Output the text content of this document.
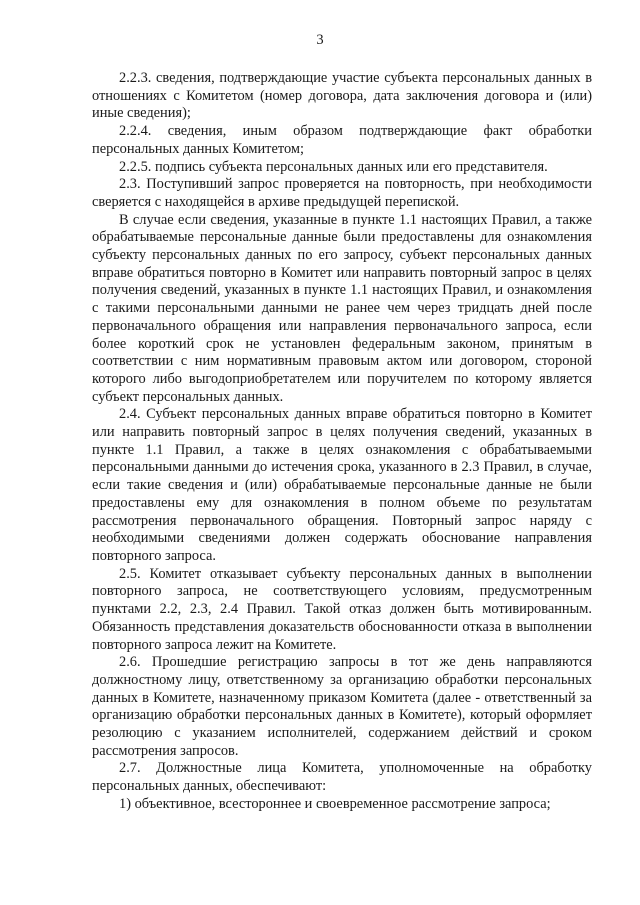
3

2.2.3. сведения, подтверждающие участие субъекта персональных данных в отношениях с Комитетом (номер договора, дата заключения договора и (или) иные сведения);

2.2.4. сведения, иным образом подтверждающие факт обработки персональных данных Комитетом;

2.2.5. подпись субъекта персональных данных или его представителя.

2.3. Поступивший запрос проверяется на повторность, при необходимости сверяется с находящейся в архиве предыдущей перепиской.

В случае если сведения, указанные в пункте 1.1 настоящих Правил, а также обрабатываемые персональные данные были предоставлены для ознакомления субъекту персональных данных по его запросу, субъект персональных данных вправе обратиться повторно в Комитет или направить повторный запрос в целях получения сведений, указанных в пункте 1.1 настоящих Правил, и ознакомления с такими персональными данными не ранее чем через тридцать дней после первоначального обращения или направления первоначального запроса, если более короткий срок не установлен федеральным законом, принятым в соответствии с ним нормативным правовым актом или договором, стороной которого либо выгодоприобретателем или поручителем по которому является субъект персональных данных.

2.4. Субъект персональных данных вправе обратиться повторно в Комитет или направить повторный запрос в целях получения сведений, указанных в пункте 1.1 Правил, а также в целях ознакомления с обрабатываемыми персональными данными до истечения срока, указанного в 2.3 Правил, в случае, если такие сведения и (или) обрабатываемые персональные данные не были предоставлены ему для ознакомления в полном объеме по результатам рассмотрения первоначального обращения. Повторный запрос наряду с необходимыми сведениями должен содержать обоснование направления повторного запроса.

2.5. Комитет отказывает субъекту персональных данных в выполнении повторного запроса, не соответствующего условиям, предусмотренным пунктами 2.2, 2.3, 2.4 Правил. Такой отказ должен быть мотивированным. Обязанность представления доказательств обоснованности отказа в выполнении повторного запроса лежит на Комитете.

2.6. Прошедшие регистрацию запросы в тот же день направляются должностному лицу, ответственному за организацию обработки персональных данных в Комитете, назначенному приказом Комитета (далее - ответственный за организацию обработки персональных данных в Комитете), который оформляет резолюцию с указанием исполнителей, содержанием действий и сроком рассмотрения запросов.

2.7. Должностные лица Комитета, уполномоченные на обработку персональных данных, обеспечивают:

1) объективное, всестороннее и своевременное рассмотрение запроса;
